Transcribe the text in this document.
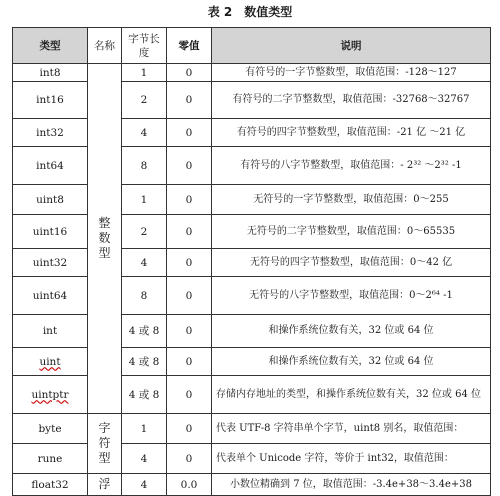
表 2　数值类型
类型	名称	字节长度	零值	说明
int8	整数型	1	0	有符号的一字节整数型，取值范围：-128～127
int16		2	0	有符号的二字节整数型，取值范围：-32768～32767
int32		4	0	有符号的四字节整数型，取值范围：-21 亿 ～21 亿
int64		8	0	有符号的八字节整数型，取值范围：- 2³² ～2³² -1
uint8		1	0	无符号的一字节整数型，取值范围：0～255
uint16		2	0	无符号的二字节整数型，取值范围：0～65535
uint32		4	0	无符号的四字节整数型，取值范围：0～42 亿
uint64		8	0	无符号的八字节整数型，取值范围：0～2⁶⁴ -1
int		4 或 8	0	和操作系统位数有关，32 位或 64 位
uint		4 或 8	0	和操作系统位数有关，32 位或 64 位
uintptr		4 或 8	0	存储内存地址的类型，和操作系统位数有关，32 位或 64 位
byte	字符型	1	0	代表 UTF-8 字符串单个字节，uint8 别名，取值范围：
rune		4	0	代表单个 Unicode 字符，等价于 int32，取值范围：
float32	浮	4	0.0	小数位精确到 7 位，取值范围：-3.4e+38～3.4e+38
